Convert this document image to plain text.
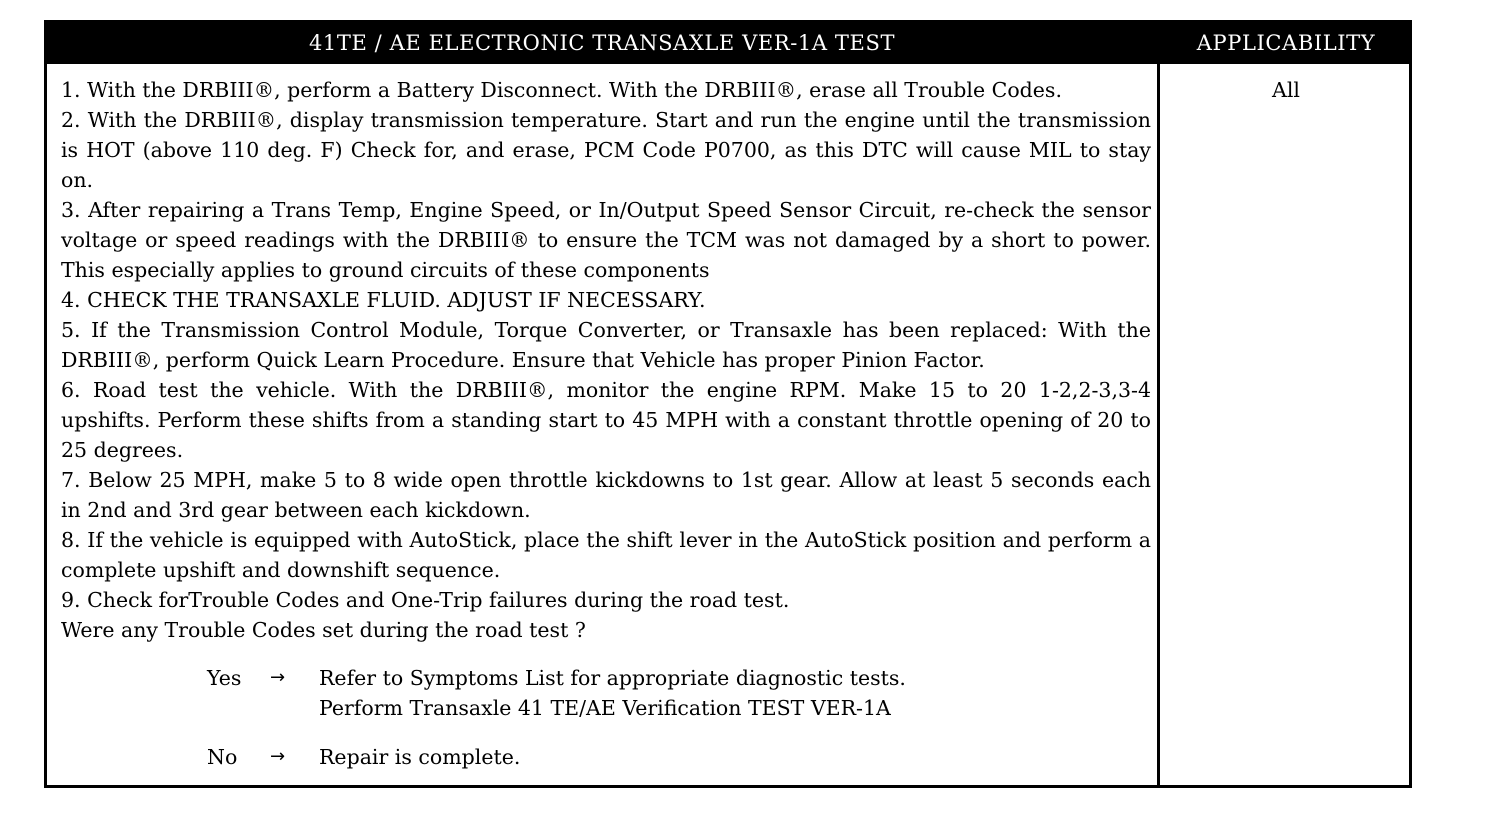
41TE / AE ELECTRONIC TRANSAXLE VER-1A TEST	APPLICABILITY

1. With the DRBIII®, perform a Battery Disconnect. With the DRBIII®, erase all Trouble Codes.

2. With the DRBIII®, display transmission temperature. Start and run the engine until the transmission is HOT (above 110 deg. F) Check for, and erase, PCM Code P0700, as this DTC will cause MIL to stay on.

3. After repairing a Trans Temp, Engine Speed, or In/Output Speed Sensor Circuit, re-check the sensor voltage or speed readings with the DRBIII® to ensure the TCM was not damaged by a short to power. This especially applies to ground circuits of these components

4. CHECK THE TRANSAXLE FLUID. ADJUST IF NECESSARY.

5. If the Transmission Control Module, Torque Converter, or Transaxle has been replaced: With the DRBIII®, perform Quick Learn Procedure. Ensure that Vehicle has proper Pinion Factor.

6. Road test the vehicle. With the DRBIII®, monitor the engine RPM. Make 15 to 20 1-2,2-3,3-4 upshifts. Perform these shifts from a standing start to 45 MPH with a constant throttle opening of 20 to 25 degrees.

7. Below 25 MPH, make 5 to 8 wide open throttle kickdowns to 1st gear. Allow at least 5 seconds each in 2nd and 3rd gear between each kickdown.

8. If the vehicle is equipped with AutoStick, place the shift lever in the AutoStick position and perform a complete upshift and downshift sequence.

9. Check forTrouble Codes and One-Trip failures during the road test.

Were any Trouble Codes set during the road test ?

Yes → Refer to Symptoms List for appropriate diagnostic tests.
Perform Transaxle 41 TE/AE Verification TEST VER-1A
No → Repair is complete.
All
